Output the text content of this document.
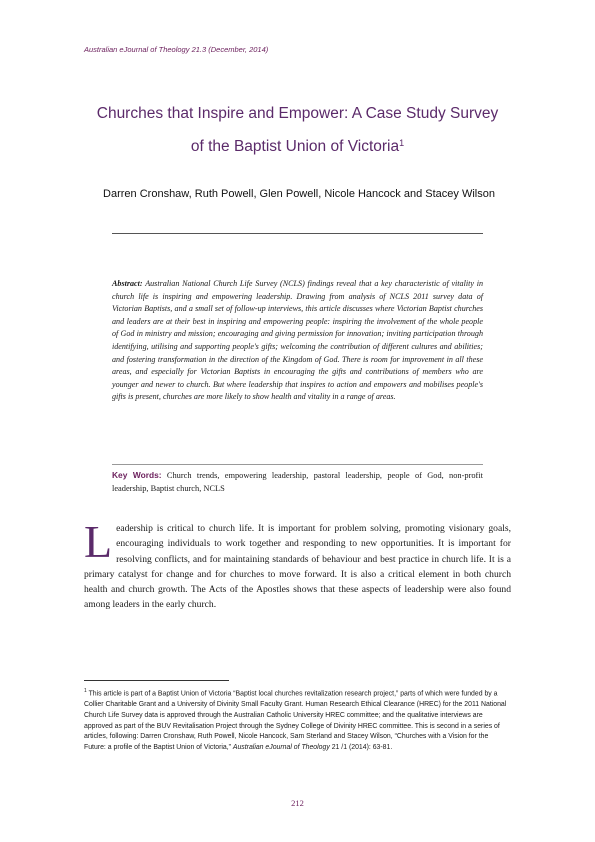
Australian eJournal of Theology 21.3 (December, 2014)
Churches that Inspire and Empower: A Case Study Survey
of the Baptist Union of Victoria$^1$
Darren Cronshaw, Ruth Powell, Glen Powell, Nicole Hancock and Stacey Wilson
Abstract: Australian National Church Life Survey (NCLS) findings reveal that a key characteristic of vitality in church life is inspiring and empowering leadership. Drawing from analysis of NCLS 2011 survey data of Victorian Baptists, and a small set of follow-up interviews, this article discusses where Victorian Baptist churches and leaders are at their best in inspiring and empowering people: inspiring the involvement of the whole people of God in ministry and mission; encouraging and giving permission for innovation; inviting participation through identifying, utilising and supporting people's gifts; welcoming the contribution of different cultures and abilities; and fostering transformation in the direction of the Kingdom of God. There is room for improvement in all these areas, and especially for Victorian Baptists in encouraging the gifts and contributions of members who are younger and newer to church. But where leadership that inspires to action and empowers and mobilises people's gifts is present, churches are more likely to show health and vitality in a range of areas.
Key Words: Church trends, empowering leadership, pastoral leadership, people of God, non-profit leadership, Baptist church, NCLS
Leadership is critical to church life. It is important for problem solving, promoting visionary goals, encouraging individuals to work together and responding to new opportunities. It is important for resolving conflicts, and for maintaining standards of behaviour and best practice in church life. It is a primary catalyst for change and for churches to move forward. It is also a critical element in both church health and church growth. The Acts of the Apostles shows that these aspects of leadership were also found among leaders in the early church.
$^1$ This article is part of a Baptist Union of Victoria “Baptist local churches revitalization research project,” parts of which were funded by a Collier Charitable Grant and a University of Divinity Small Faculty Grant. Human Research Ethical Clearance (HREC) for the 2011 National Church Life Survey data is approved through the Australian Catholic University HREC committee; and the qualitative interviews are approved as part of the BUV Revitalisation Project through the Sydney College of Divinity HREC committee. This is second in a series of articles, following: Darren Cronshaw, Ruth Powell, Nicole Hancock, Sam Sterland and Stacey Wilson, “Churches with a Vision for the Future: a profile of the Baptist Union of Victoria,” Australian eJournal of Theology 21 /1 (2014): 63-81.
212
